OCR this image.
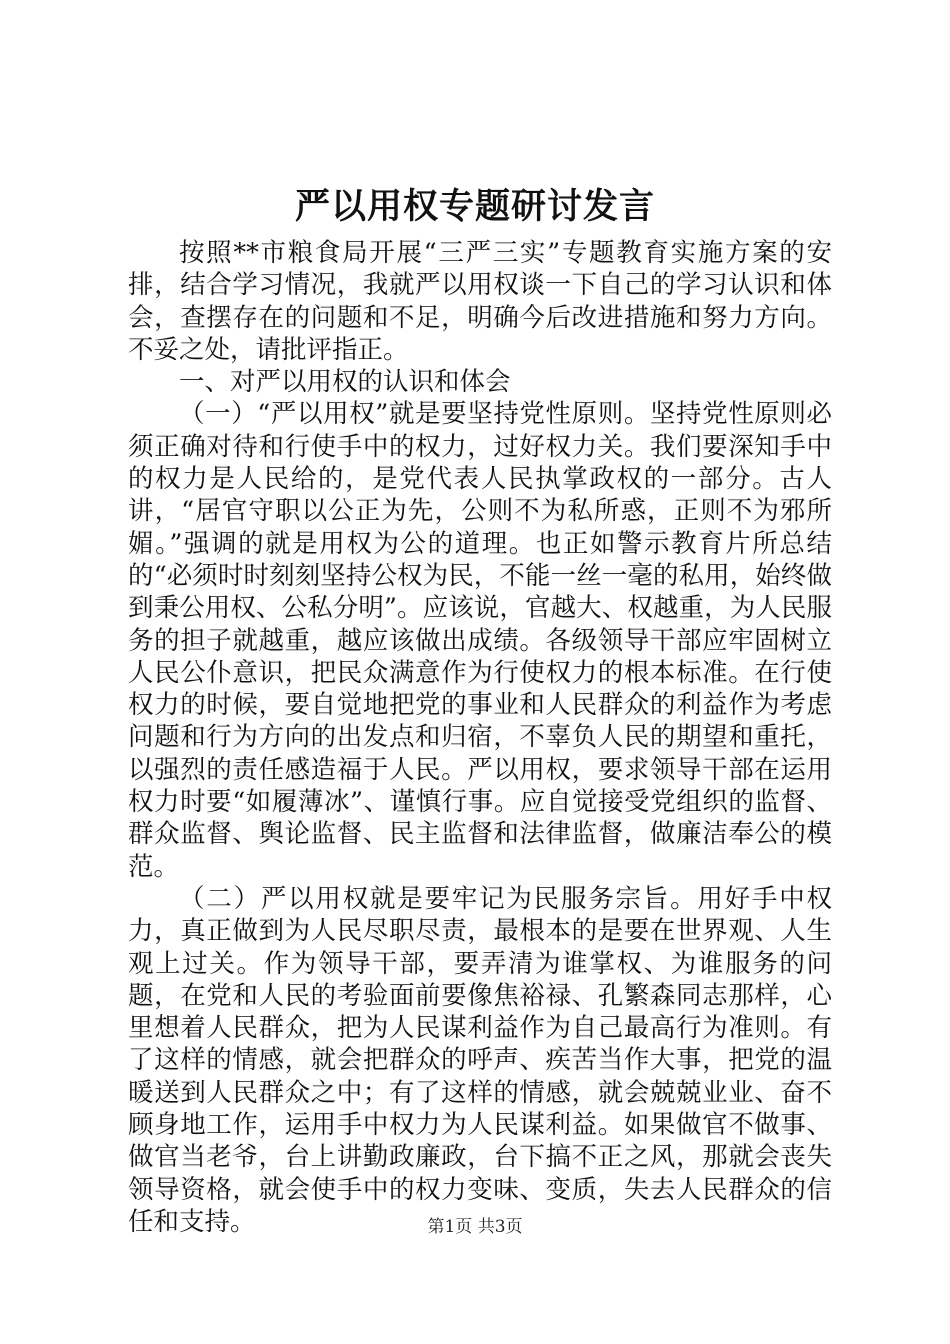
严以用权专题研讨发言

按照**市粮食局开展“三严三实”专题教育实施方案的安排，结合学习情况，我就严以用权谈一下自己的学习认识和体会，查摆存在的问题和不足，明确今后改进措施和努力方向。不妥之处，请批评指正。

一、对严以用权的认识和体会

（一）“严以用权”就是要坚持党性原则。坚持党性原则必须正确对待和行使手中的权力，过好权力关。我们要深知手中的权力是人民给的，是党代表人民执掌政权的一部分。古人讲，“居官守职以公正为先，公则不为私所惑，正则不为邪所媚。”强调的就是用权为公的道理。也正如警示教育片所总结的“必须时时刻刻坚持公权为民，不能一丝一毫的私用，始终做到秉公用权、公私分明”。应该说，官越大、权越重，为人民服务的担子就越重，越应该做出成绩。各级领导干部应牢固树立人民公仆意识，把民众满意作为行使权力的根本标准。在行使权力的时候，要自觉地把党的事业和人民群众的利益作为考虑问题和行为方向的出发点和归宿，不辜负人民的期望和重托，以强烈的责任感造福于人民。严以用权，要求领导干部在运用权力时要“如履薄冰”、谨慎行事。应自觉接受党组织的监督、群众监督、舆论监督、民主监督和法律监督，做廉洁奉公的模范。

（二）严以用权就是要牢记为民服务宗旨。用好手中权力，真正做到为人民尽职尽责，最根本的是要在世界观、人生观上过关。作为领导干部，要弄清为谁掌权、为谁服务的问题，在党和人民的考验面前要像焦裕禄、孔繁森同志那样，心里想着人民群众，把为人民谋利益作为自己最高行为准则。有了这样的情感，就会把群众的呼声、疾苦当作大事，把党的温暖送到人民群众之中；有了这样的情感，就会兢兢业业、奋不顾身地工作，运用手中权力为人民谋利益。如果做官不做事、做官当老爷，台上讲勤政廉政，台下搞不正之风，那就会丧失领导资格，就会使手中的权力变味、变质，失去人民群众的信任和支持。	第1页 共3页
